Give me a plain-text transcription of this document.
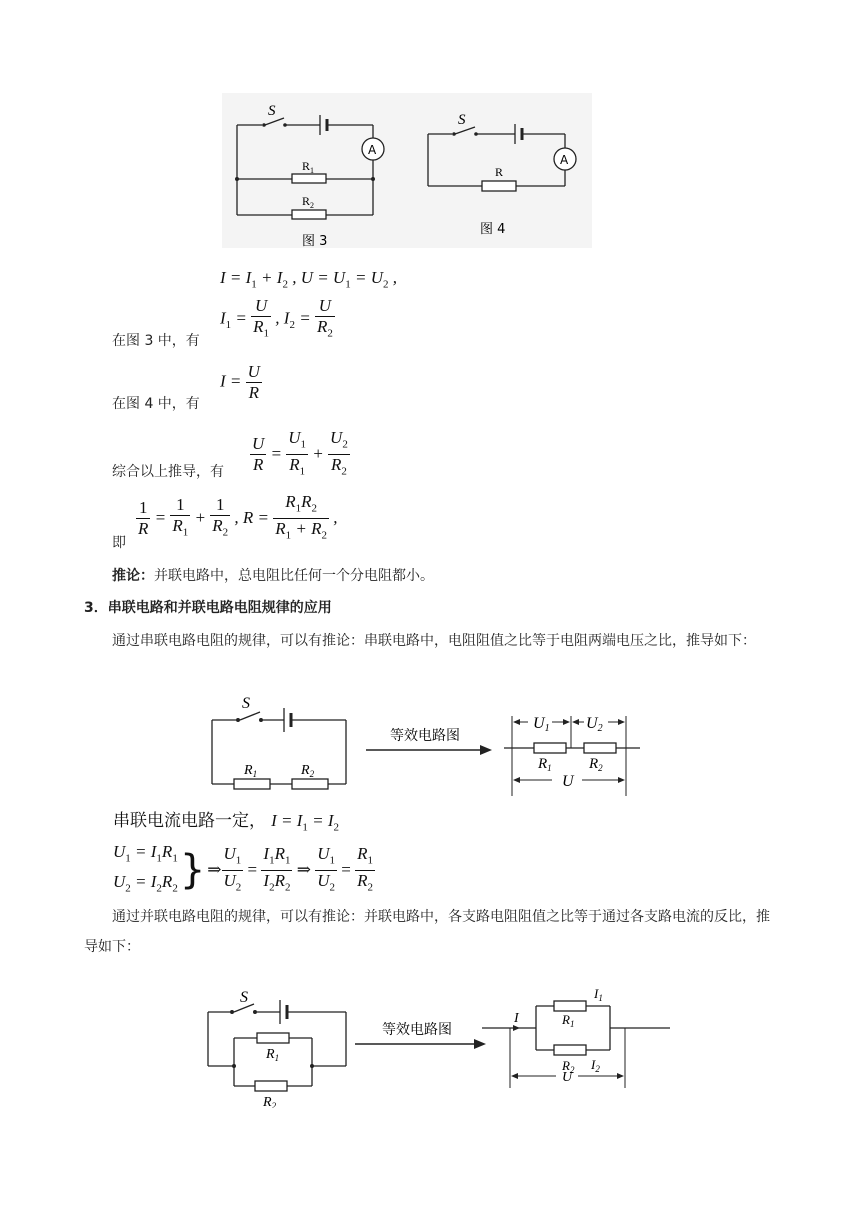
S
A
$R_1$
$R_2$
图 3
S
A
R
图 4
$I = I_1 + I_2$ , $U = U_1 = U_2$ ,
$I_1 = \frac{U}{R_1}$ , $I_2 = \frac{U}{R_2}$
在图 3 中，有
$I = \frac{U}{R}$
在图 4 中，有
$\frac{U}{R} = \frac{U_1}{R_1} + \frac{U_2}{R_2}$
综合以上推导，有
$\frac{1}{R} = \frac{1}{R_1} + \frac{1}{R_2}$ , $R = \frac{R_1R_2}{R_1 + R_2}$ ,
即
推论：并联电路中，总电阻比任何一个分电阻都小。
3．串联电路和并联电路电阻规律的应用
通过串联电路电阻的规律，可以有推论：串联电路中，电阻阻值之比等于电阻两端电压之比，推导如下：
S
$R_1$	$R_2$
等效电路图
U1 U2
$R_1$ $R_2$
U
串联电流电路一定， $I = I_1 = I_2$
$U_1 = I_1R_1$
$U_2 = I_2R_2$ } ⇒ $\frac{U_1}{U_2} = \frac{I_1R_1}{I_2R_2}$ ⇒ $\frac{U_1}{U_2} = \frac{R_1}{R_2}$
通过并联电路电阻的规律，可以有推论：并联电路中，各支路电阻阻值之比等于通过各支路电流的反比，推导如下：
S
$R_1$
$R_2$
等效电路图
I
$I_1$
$R_1$
$R_2$ $I_2$
U
